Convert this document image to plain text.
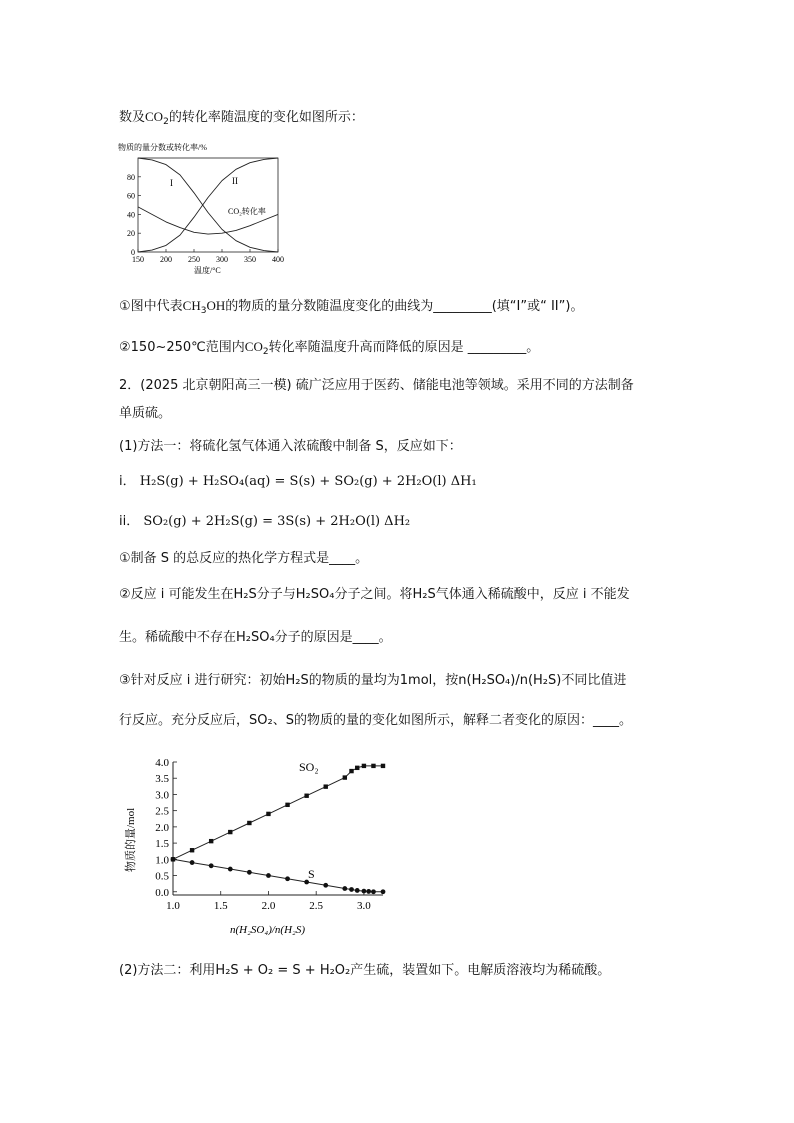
数及$CO_2$的转化率随温度的变化如图所示：
物质的量分数或转化率/%
温度/°C
150 200 250 300 350 400
0
20
40
60
80
I	II
CO₂转化率
①图中代表$CH_3OH$的物质的量分数随温度变化的曲线为_________(填“I”或“ II”)。
②150~250℃范围内$CO_2$转化率随温度升高而降低的原因是 _________。
2．(2025 北京朝阳高三一模) 硫广泛应用于医药、储能电池等领域。采用不同的方法制备
单质硫。
(1)方法一：将硫化氢气体通入浓硫酸中制备 S，反应如下：
i． H₂S(g) + H₂SO₄(aq) = S(s) + SO₂(g) + 2H₂O(l) ΔH₁
ii． SO₂(g) + 2H₂S(g) = 3S(s) + 2H₂O(l) ΔH₂
①制备 S 的总反应的热化学方程式是____。
②反应 i 可能发生在H₂S分子与H₂SO₄分子之间。将H₂S气体通入稀硫酸中，反应 i 不能发
生。稀硫酸中不存在H₂SO₄分子的原因是____。
③针对反应 i 进行研究：初始H₂S的物质的量均为1mol，按n(H₂SO₄)/n(H₂S)不同比值进
行反应。充分反应后，SO₂、S的物质的量的变化如图所示，解释二者变化的原因：____。
物质的量/mol
n(H₂SO₄)/n(H₂S)
1.0	1.5	2.0	2.5	3.0
0.0
0.5
1.0
1.5
2.0
2.5
3.0
3.5
4.0	SO₂
S
(2)方法二：利用H₂S + O₂ = S + H₂O₂产生硫，装置如下。电解质溶液均为稀硫酸。
